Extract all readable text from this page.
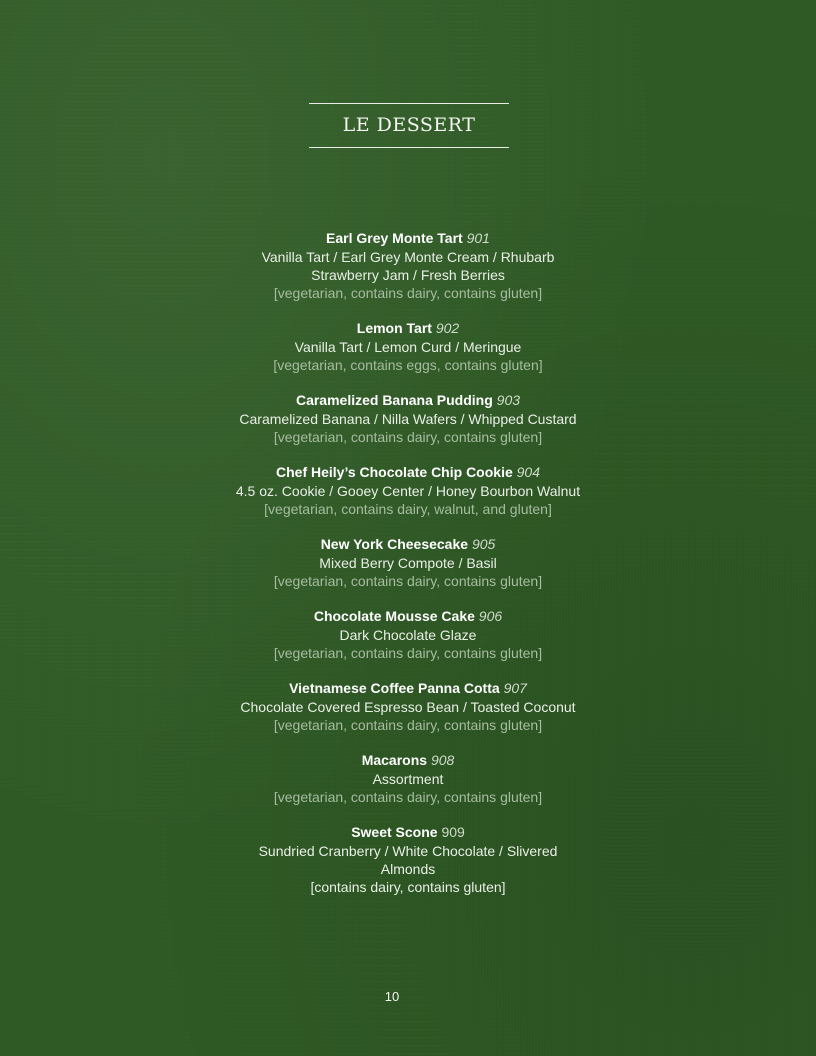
LE DESSERT
Earl Grey Monte Tart 901
Vanilla Tart / Earl Grey Monte Cream / Rhubarb Strawberry Jam / Fresh Berries
[vegetarian, contains dairy, contains gluten]
Lemon Tart 902
Vanilla Tart / Lemon Curd / Meringue
[vegetarian, contains eggs, contains gluten]
Caramelized Banana Pudding 903
Caramelized Banana / Nilla Wafers / Whipped Custard
[vegetarian, contains dairy, contains gluten]
Chef Heily’s Chocolate Chip Cookie 904
4.5 oz. Cookie / Gooey Center / Honey Bourbon Walnut
[vegetarian, contains dairy, walnut, and gluten]
New York Cheesecake 905
Mixed Berry Compote / Basil
[vegetarian, contains dairy, contains gluten]
Chocolate Mousse Cake 906
Dark Chocolate Glaze
[vegetarian, contains dairy, contains gluten]
Vietnamese Coffee Panna Cotta 907
Chocolate Covered Espresso Bean / Toasted Coconut
[vegetarian, contains dairy, contains gluten]
Macarons 908
Assortment
[vegetarian, contains dairy, contains gluten]
Sweet Scone 909
Sundried Cranberry / White Chocolate / Slivered Almonds
[contains dairy, contains gluten]
10
